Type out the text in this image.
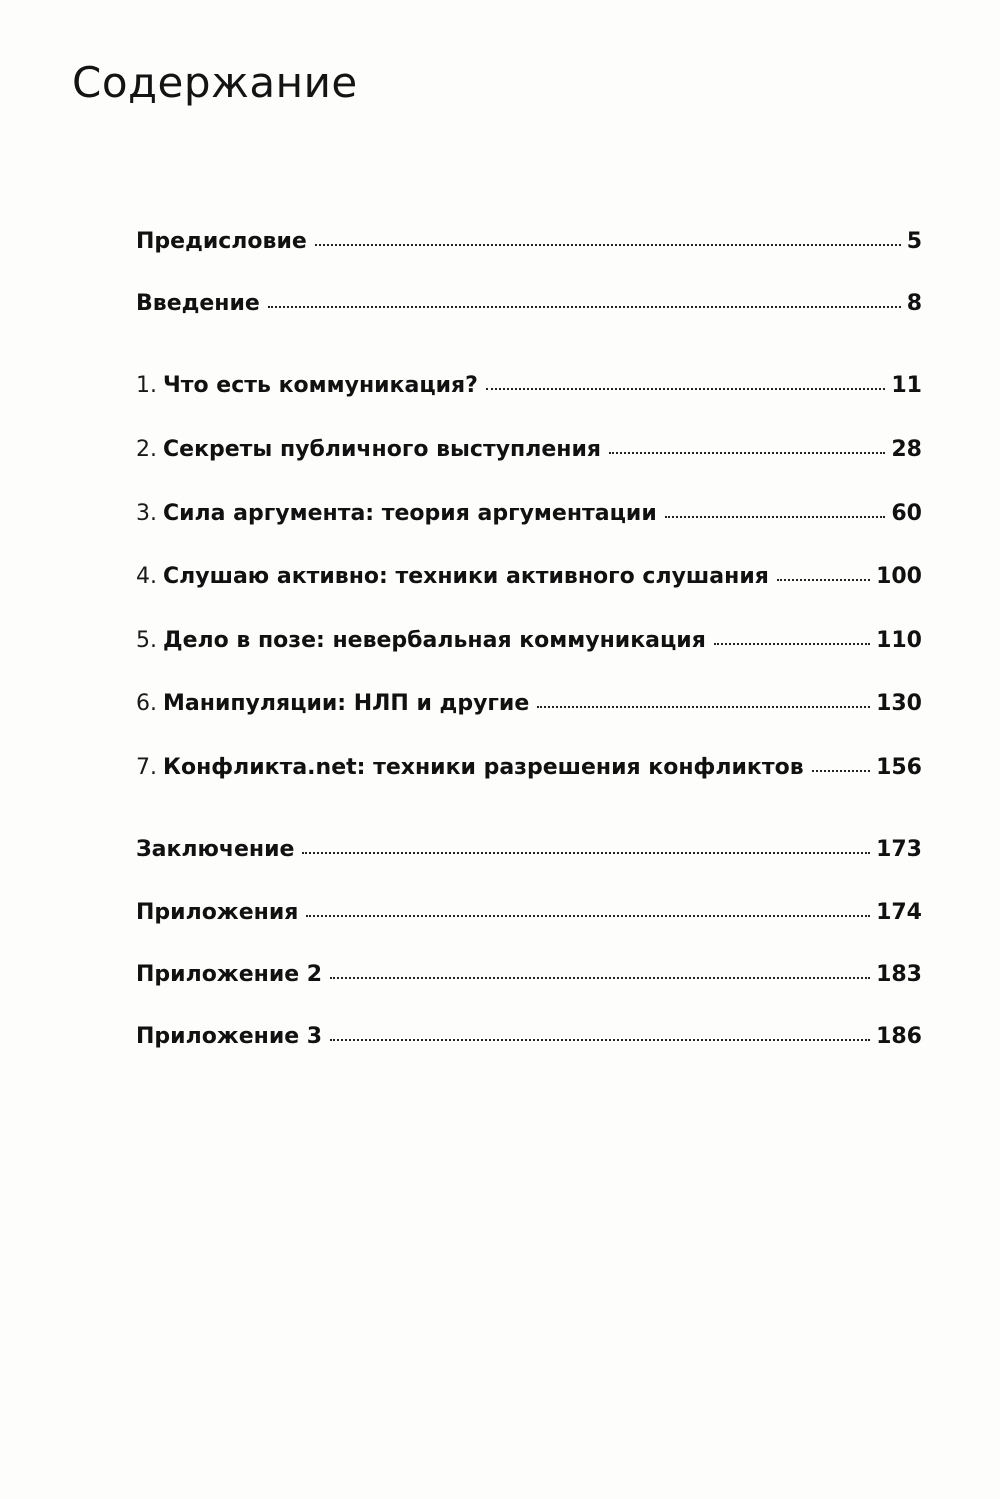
Содержание
Предисловие	5
Введение	8
1. Что есть коммуникация?	11
2. Секреты публичного выступления	28
3. Сила аргумента: теория аргументации	60
4. Слушаю активно: техники активного слушания	100
5. Дело в позе: невербальная коммуникация	110
6. Манипуляции: НЛП и другие	130
7. Конфликта.net: техники разрешения конфликтов	156
Заключение	173
Приложения	174
Приложение 2	183
Приложение 3	186
